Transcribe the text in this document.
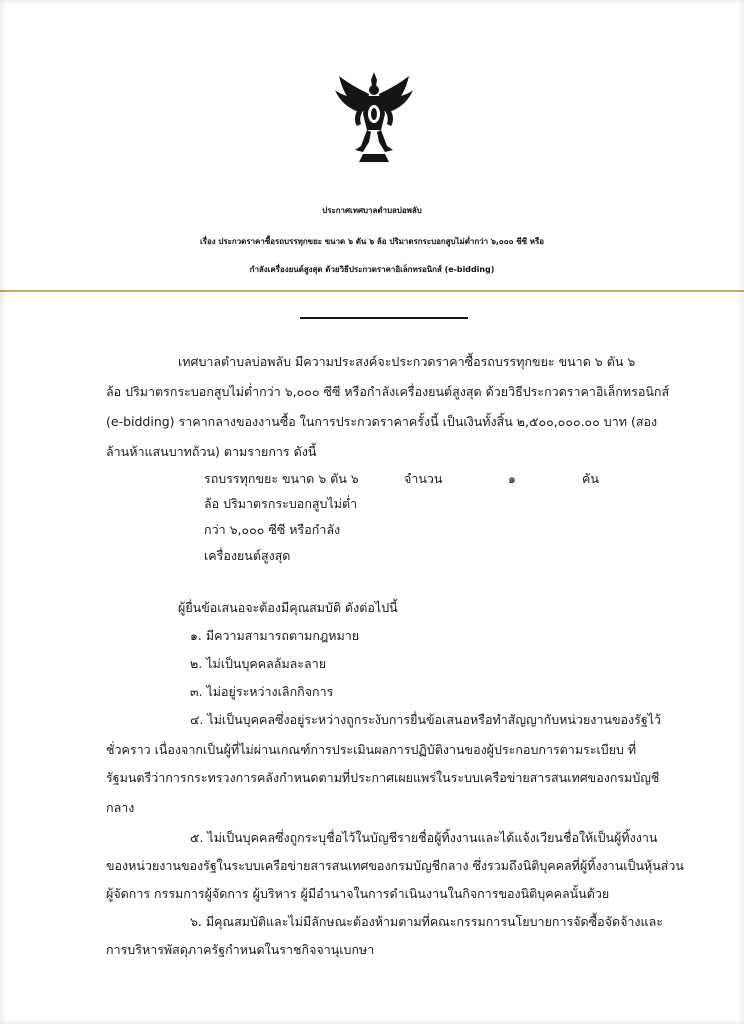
ประกาศเทศบาลตำบลบ่อพลับ
เรื่อง ประกวดราคาซื้อรถบรรทุกขยะ ขนาด ๖ ตัน ๖ ล้อ ปริมาตรกระบอกสูบไม่ต่ำกว่า ๖,๐๐๐ ซีซี หรือ
กำลังเครื่องยนต์สูงสุด ด้วยวิธีประกวดราคาอิเล็กทรอนิกส์ (e-bidding)
เทศบาลตำบลบ่อพลับ มีความประสงค์จะประกวดราคาซื้อรถบรรทุกขยะ ขนาด ๖ ตัน ๖
ล้อ ปริมาตรกระบอกสูบไม่ต่ำกว่า ๖,๐๐๐ ซีซี หรือกำลังเครื่องยนต์สูงสุด ด้วยวิธีประกวดราคาอิเล็กทรอนิกส์
(e-bidding) ราคากลางของงานซื้อ ในการประกวดราคาครั้งนี้ เป็นเงินทั้งสิ้น ๒,๕๐๐,๐๐๐.๐๐ บาท (สอง
ล้านห้าแสนบาทถ้วน) ตามรายการ ดังนี้
รถบรรทุกขยะ ขนาด ๖ ตัน ๖
ล้อ ปริมาตรกระบอกสูบไม่ต่ำ
กว่า ๖,๐๐๐ ซีซี หรือกำลัง
เครื่องยนต์สูงสุด
จำนวน	๑	คัน
ผู้ยื่นข้อเสนอจะต้องมีคุณสมบัติ ดังต่อไปนี้
๑. มีความสามารถตามกฎหมาย
๒. ไม่เป็นบุคคลล้มละลาย
๓. ไม่อยู่ระหว่างเลิกกิจการ
๔. ไม่เป็นบุคคลซึ่งอยู่ระหว่างถูกระงับการยื่นข้อเสนอหรือทำสัญญากับหน่วยงานของรัฐไว้
ชั่วคราว เนื่องจากเป็นผู้ที่ไม่ผ่านเกณฑ์การประเมินผลการปฏิบัติงานของผู้ประกอบการตามระเบียบ ที่
รัฐมนตรีว่าการกระทรวงการคลังกำหนดตามที่ประกาศเผยแพร่ในระบบเครือข่ายสารสนเทศของกรมบัญชี
กลาง
๕. ไม่เป็นบุคคลซึ่งถูกระบุชื่อไว้ในบัญชีรายชื่อผู้ทิ้งงานและได้แจ้งเวียนชื่อให้เป็นผู้ทิ้งงาน
ของหน่วยงานของรัฐในระบบเครือข่ายสารสนเทศของกรมบัญชีกลาง ซึ่งรวมถึงนิติบุคคลที่ผู้ทิ้งงานเป็นหุ้นส่วน
ผู้จัดการ กรรมการผู้จัดการ ผู้บริหาร ผู้มีอำนาจในการดำเนินงานในกิจการของนิติบุคคลนั้นด้วย
๖. มีคุณสมบัติและไม่มีลักษณะต้องห้ามตามที่คณะกรรมการนโยบายการจัดซื้อจัดจ้างและ
การบริหารพัสดุภาครัฐกำหนดในราชกิจจานุเบกษา
